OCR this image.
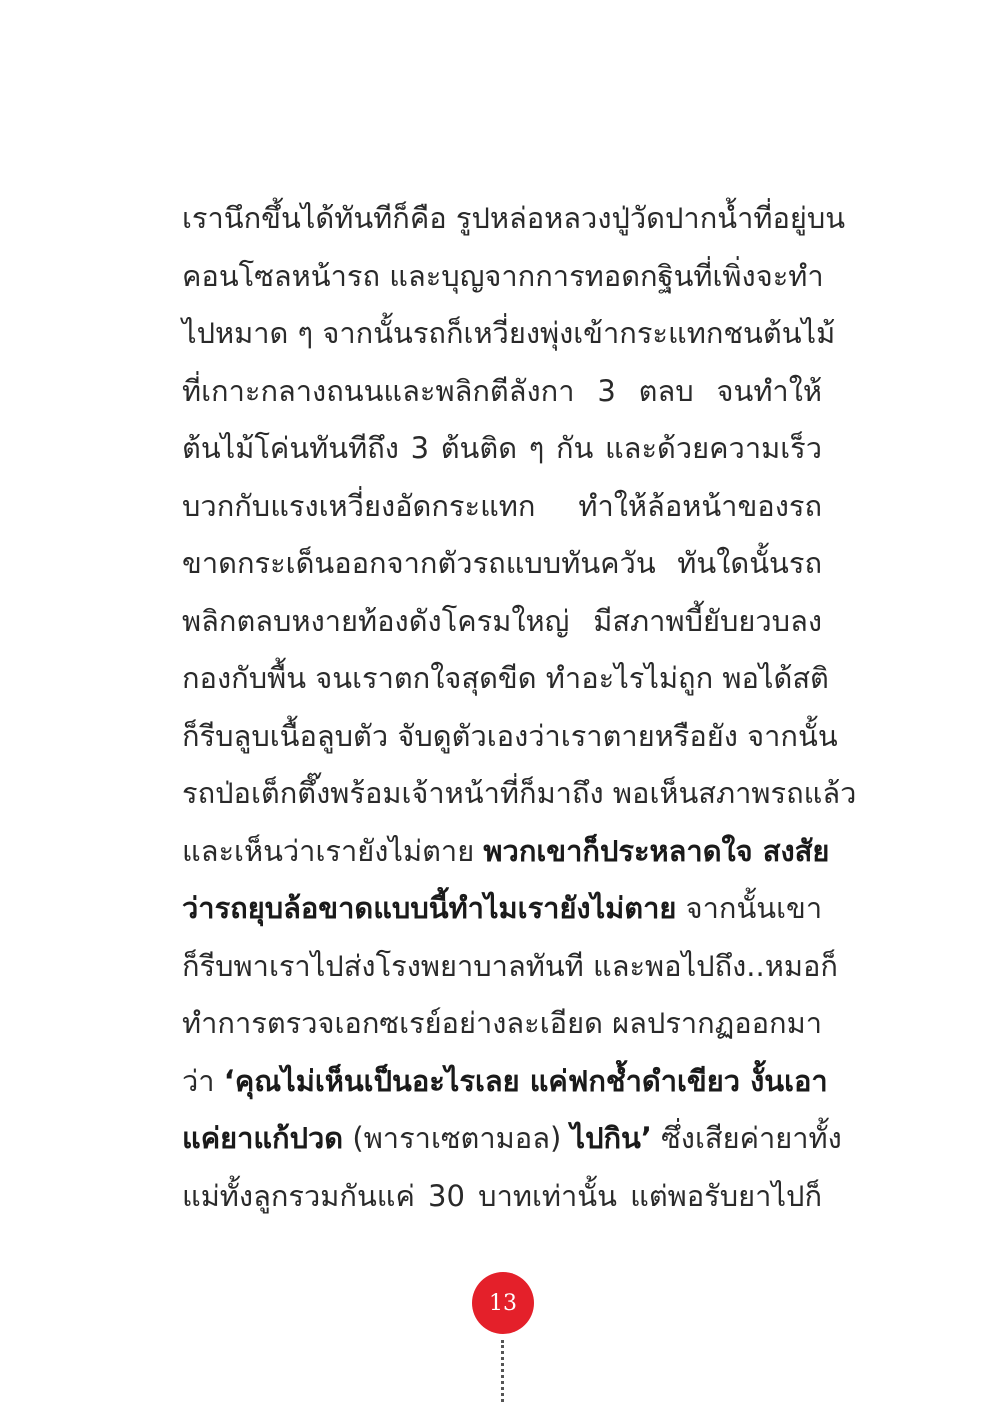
เรานึกขึ้นได้ทันทีก็คือ รูปหล่อหลวงปู่วัดปากน้ำที่อยู่บน
คอนโซลหน้ารถ และบุญจากการทอดกฐินที่เพิ่งจะทำ
ไปหมาด ๆ จากนั้นรถก็เหวี่ยงพุ่งเข้ากระแทกชนต้นไม้
ที่เกาะกลางถนนและพลิกตีลังกา 3 ตลบ จนทำให้
ต้นไม้โค่นทันทีถึง 3 ต้นติด ๆ กัน และด้วยความเร็ว
บวกกับแรงเหวี่ยงอัดกระแทก ทำให้ล้อหน้าของรถ
ขาดกระเด็นออกจากตัวรถแบบทันควัน ทันใดนั้นรถ
พลิกตลบหงายท้องดังโครมใหญ่ มีสภาพบี้ยับยวบลง
กองกับพื้น จนเราตกใจสุดขีด ทำอะไรไม่ถูก พอได้สติ
ก็รีบลูบเนื้อลูบตัว จับดูตัวเองว่าเราตายหรือยัง จากนั้น
รถป่อเต็กตึ๊งพร้อมเจ้าหน้าที่ก็มาถึง พอเห็นสภาพรถแล้ว
และเห็นว่าเรายังไม่ตาย พวกเขาก็ประหลาดใจ สงสัย
ว่ารถยุบล้อขาดแบบนี้ทำไมเรายังไม่ตาย จากนั้นเขา
ก็รีบพาเราไปส่งโรงพยาบาลทันที และพอไปถึง..หมอก็
ทำการตรวจเอกซเรย์อย่างละเอียด ผลปรากฏออกมา
ว่า ‘คุณไม่เห็นเป็นอะไรเลย แค่ฟกช้ำดำเขียว งั้นเอา
แค่ยาแก้ปวด (พาราเซตามอล) ไปกิน’ ซึ่งเสียค่ายาทั้ง
แม่ทั้งลูกรวมกันแค่ 30 บาทเท่านั้น แต่พอรับยาไปก็
13
